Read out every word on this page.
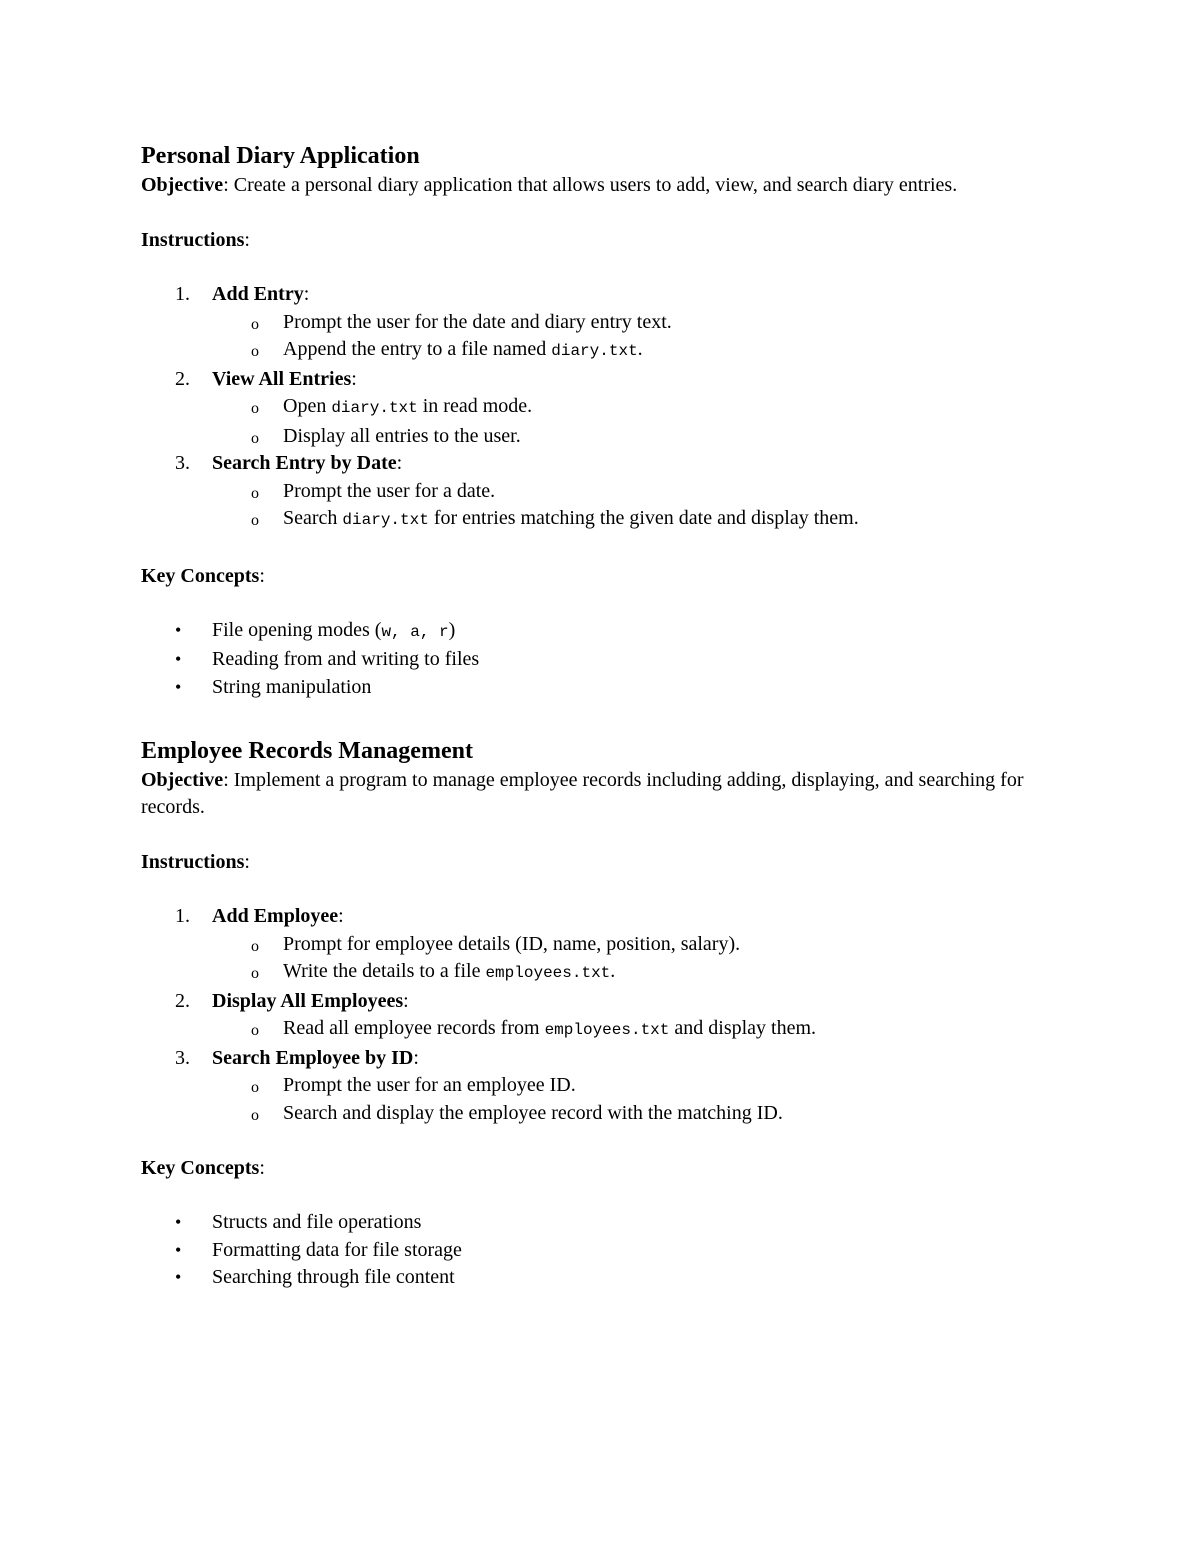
Personal Diary Application

Objective: Create a personal diary application that allows users to add, view, and search diary entries.

Instructions:

1. Add Entry:
o Prompt the user for the date and diary entry text.
o Append the entry to a file named diary.txt.
2. View All Entries:
o Open diary.txt in read mode.
o Display all entries to the user.
3. Search Entry by Date:
o Prompt the user for a date.
o Search diary.txt for entries matching the given date and display them.

Key Concepts:

• File opening modes (w, a, r)
• Reading from and writing to files
• String manipulation
Employee Records Management

Objective: Implement a program to manage employee records including adding, displaying, and searching for records.

Instructions:

1. Add Employee:
o Prompt for employee details (ID, name, position, salary).
o Write the details to a file employees.txt.
2. Display All Employees:
o Read all employee records from employees.txt and display them.
3. Search Employee by ID:
o Prompt the user for an employee ID.
o Search and display the employee record with the matching ID.

Key Concepts:

• Structs and file operations
• Formatting data for file storage
• Searching through file content
